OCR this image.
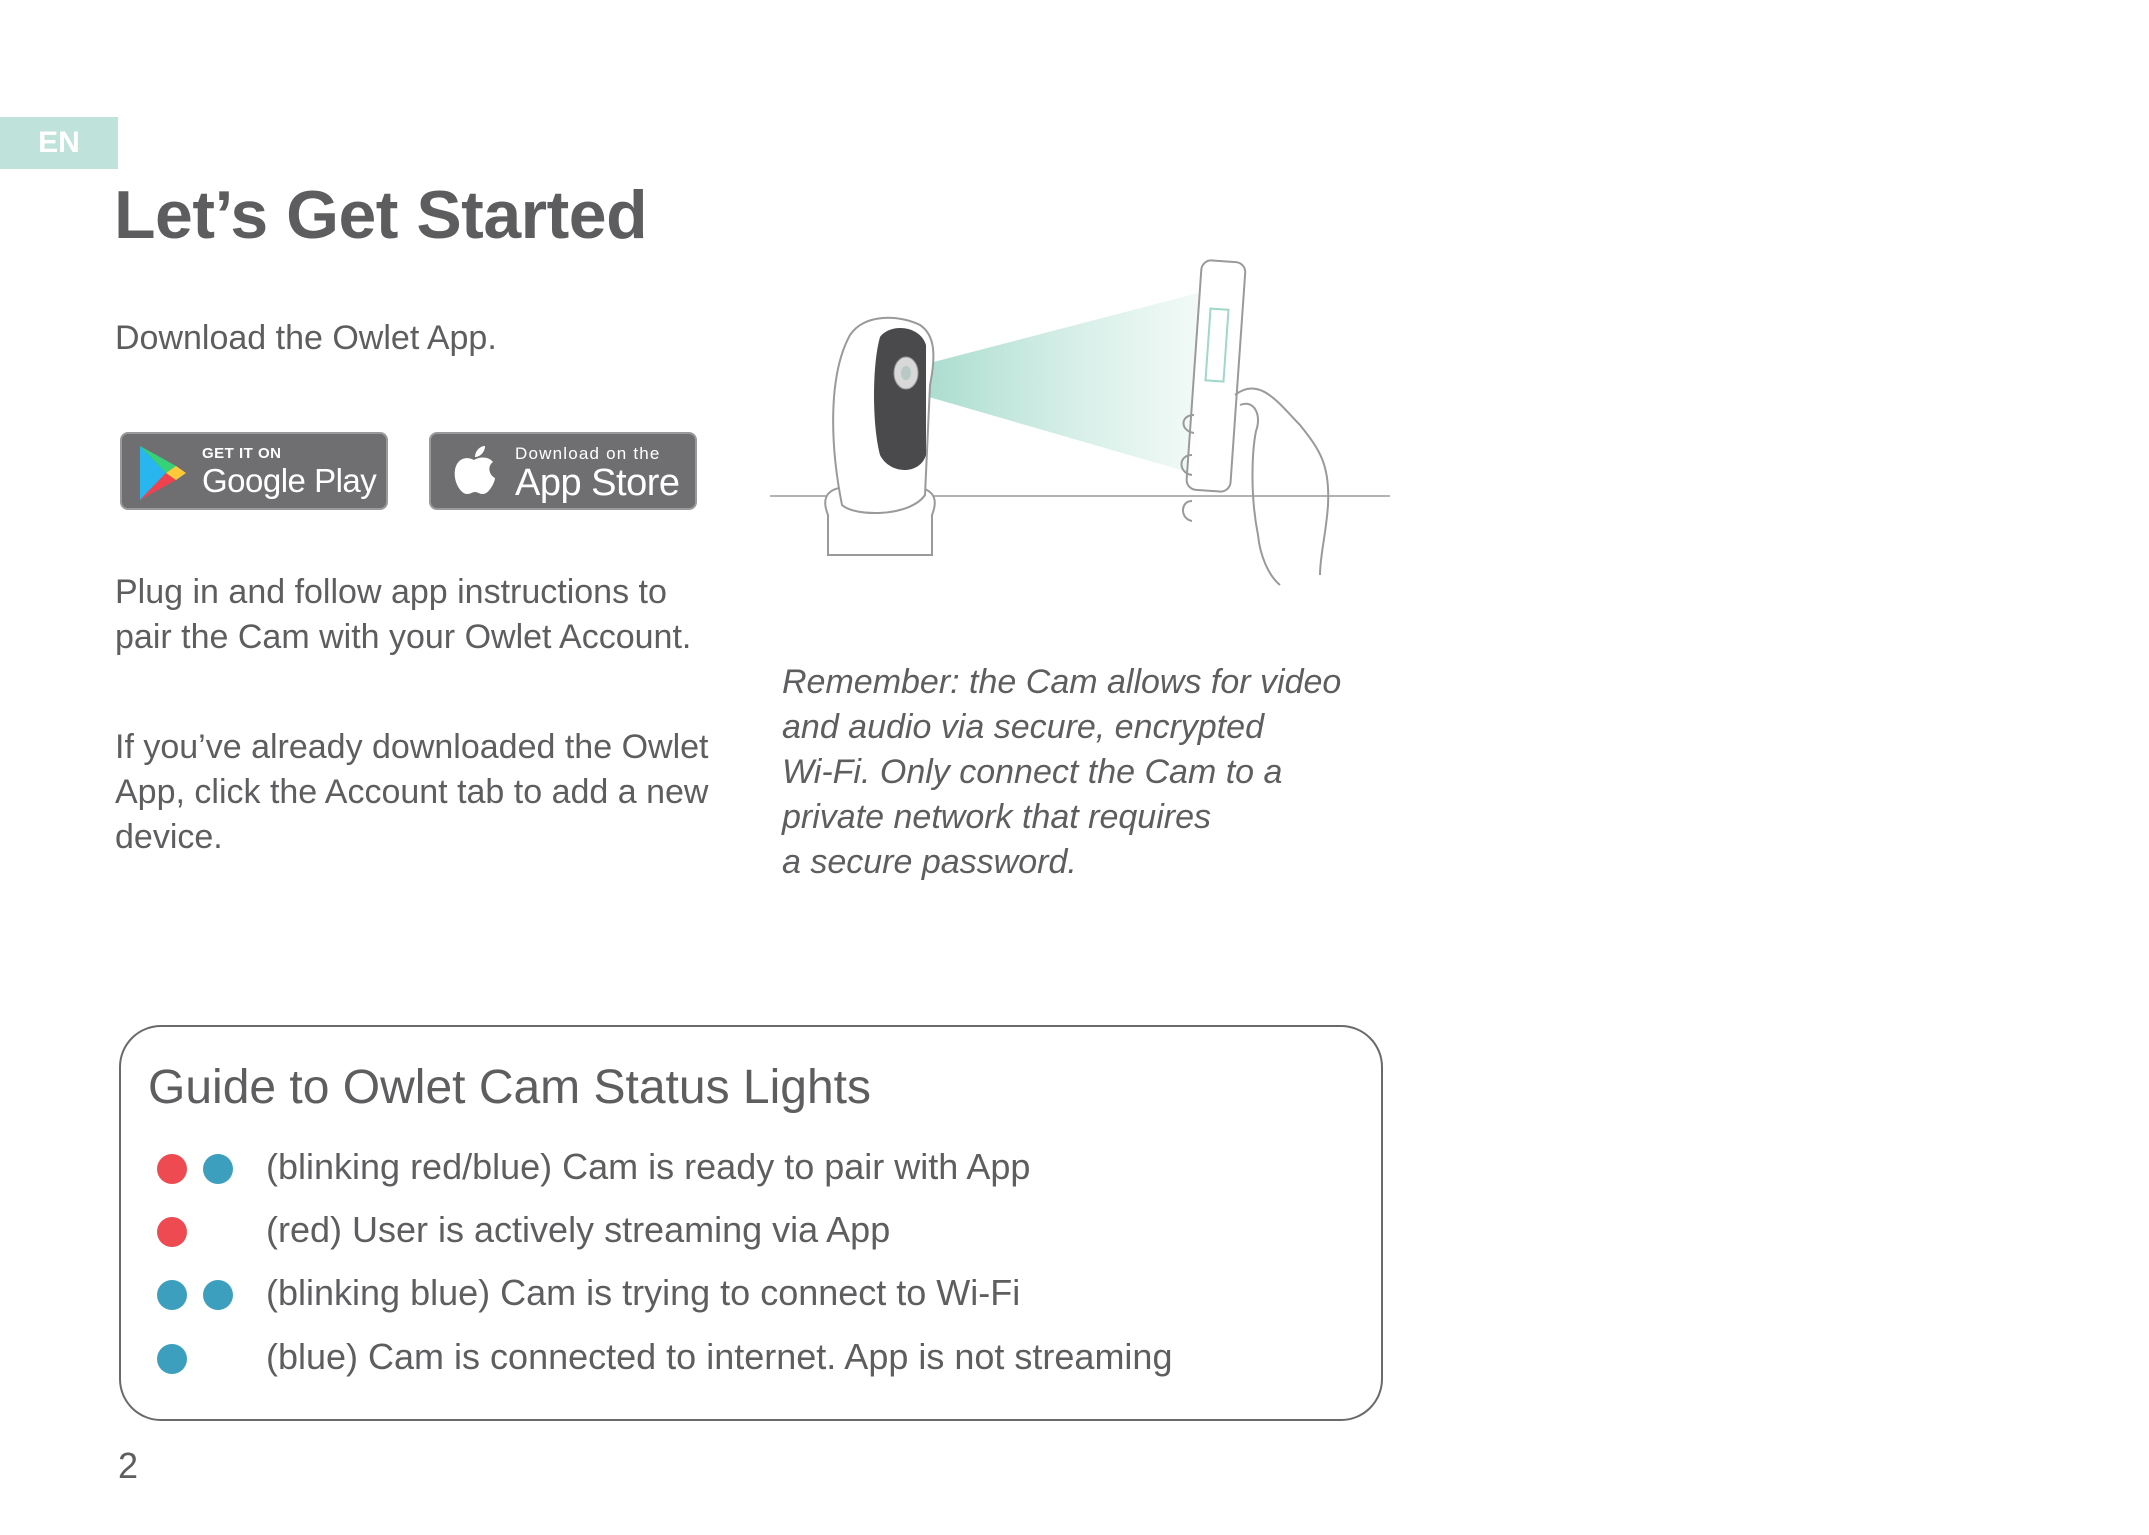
EN
Let’s Get Started
Download the Owlet App.
GET IT ON
Google Play
Download on the
App Store
Plug in and follow app instructions to pair the Cam with your Owlet Account.
If you’ve already downloaded the Owlet App, click the Account tab to add a new device.
Remember: the Cam allows for video
and audio via secure, encrypted
Wi-Fi. Only connect the Cam to a
private network that requires
a secure password.
Guide to Owlet Cam Status Lights
(blinking red/blue) Cam is ready to pair with App
(red) User is actively streaming via App
(blinking blue) Cam is trying to connect to Wi-Fi
(blue) Cam is connected to internet. App is not streaming
2
